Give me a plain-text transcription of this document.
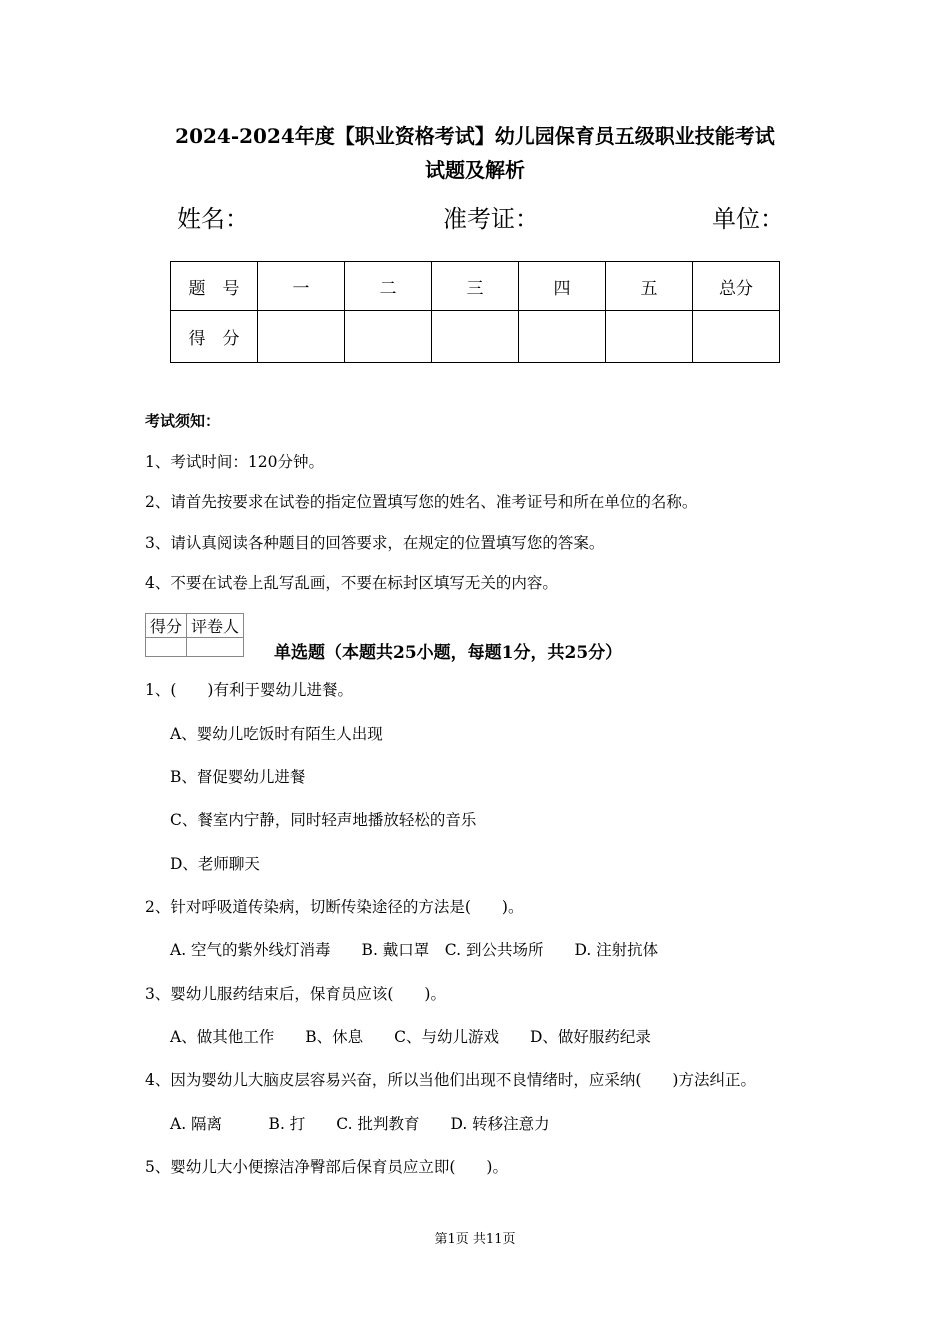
2024-2024年度【职业资格考试】幼儿园保育员五级职业技能考试
试题及解析
姓名：	准考证：	单位：
题　号	一	二	三	四	五	总分
得　分						
考试须知：
1、考试时间：120分钟。
2、请首先按要求在试卷的指定位置填写您的姓名、准考证号和所在单位的名称。
3、请认真阅读各种题目的回答要求，在规定的位置填写您的答案。
4、不要在试卷上乱写乱画，不要在标封区填写无关的内容。
得分	评卷人

单选题（本题共25小题，每题1分，共25分）
1、(　　)有利于婴幼儿进餐。
A、婴幼儿吃饭时有陌生人出现
B、督促婴幼儿进餐
C、餐室内宁静，同时轻声地播放轻松的音乐
D、老师聊天
2、针对呼吸道传染病，切断传染途径的方法是(　　)。
A. 空气的紫外线灯消毒　　B. 戴口罩　C. 到公共场所　　D. 注射抗体
3、婴幼儿服药结束后，保育员应该(　　)。
A、做其他工作　　B、休息　　C、与幼儿游戏　　D、做好服药纪录
4、因为婴幼儿大脑皮层容易兴奋，所以当他们出现不良情绪时，应采纳(　　)方法纠正。
A. 隔离　　　B. 打　　C. 批判教育　　D. 转移注意力
5、婴幼儿大小便擦洁净臀部后保育员应立即(　　)。
第1页 共11页
